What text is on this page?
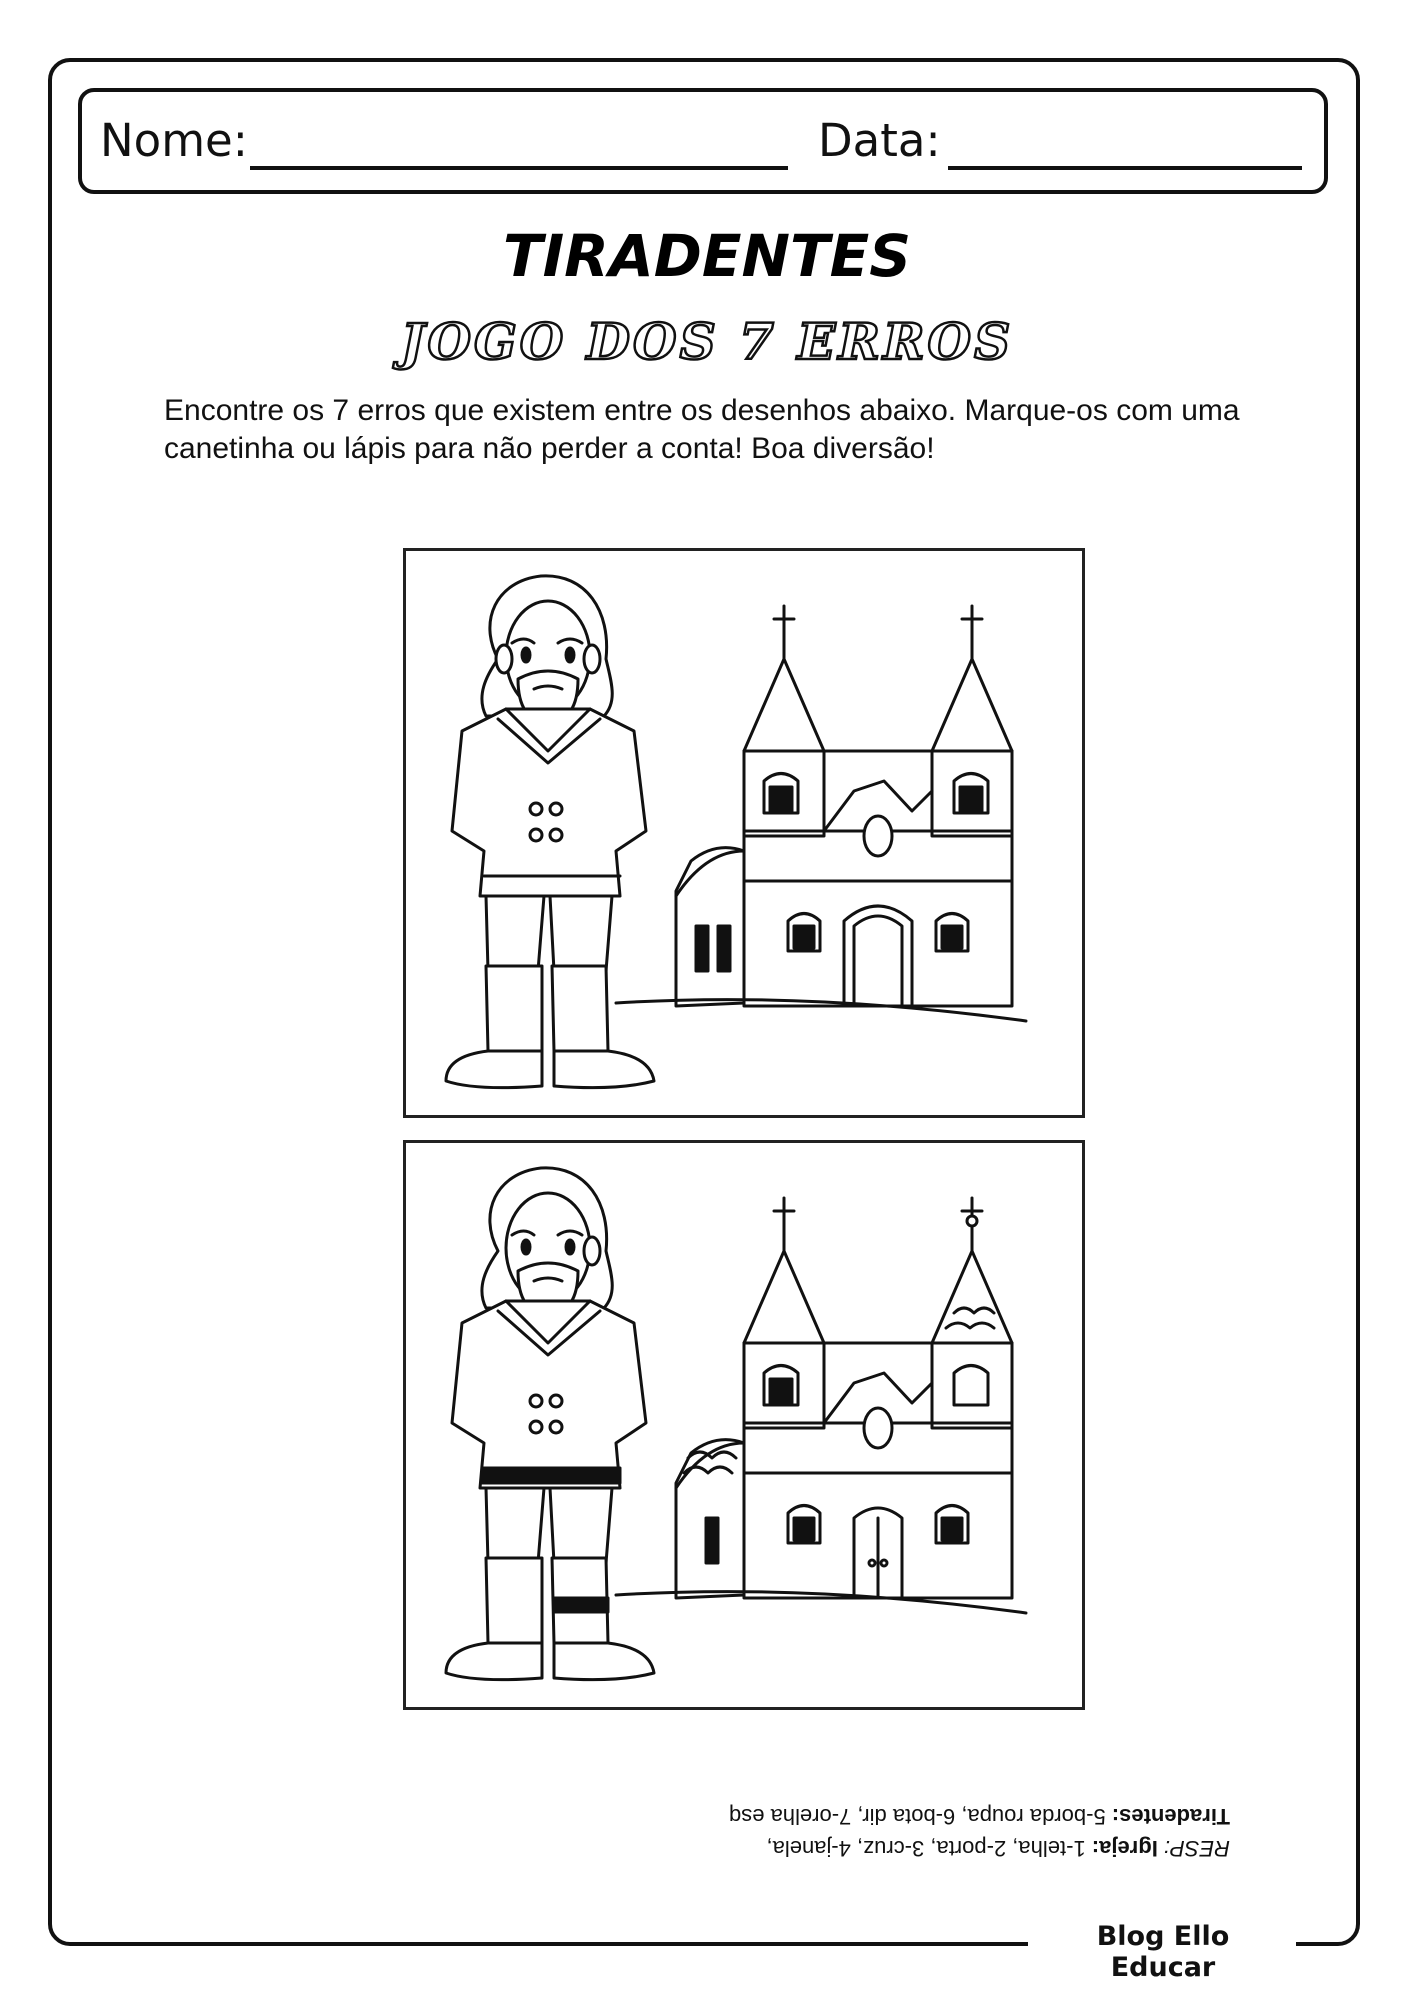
Blog Ello Educar
Nome:	Data:
TIRADENTES
JOGO DOS 7 ERROS
Encontre os 7 erros que existem entre os desenhos abaixo. Marque-os com uma canetinha ou lápis para não perder a conta! Boa diversão!
RESP: Igreja: 1-telha, 2-porta, 3-cruz, 4-janela,
Tiradentes: 5-borda roupa, 6-bota dir, 7-orelha esq
